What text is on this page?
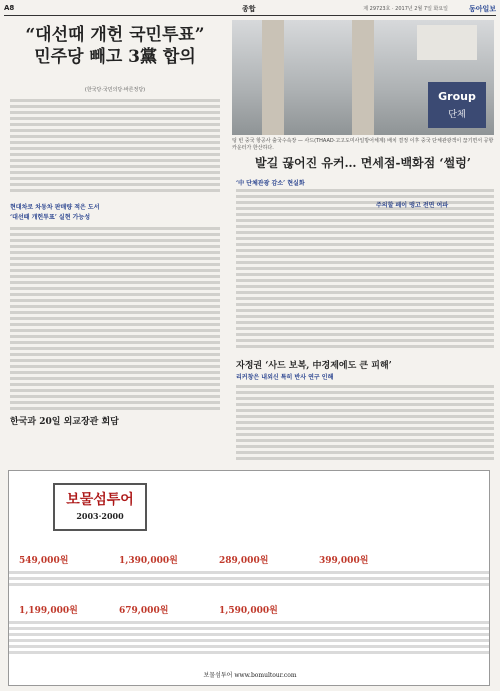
A8	종합	제 29723호 · 2017년 2월 7일 화요일	동아일보
“대선때 개헌 국민투표”
민주당 빼고 3黨 합의
(한국당·국민의당·바른정당)
현대차로 차동차 판매량 적은 도서
‘대선때 개헌투표’ 실현 가능성
한국과 20일 외교장관 회담
Group
단체
텅 빈 중국 항공사 출국수속장 — 사드(THAAD·고고도미사일방어체계) 배치 결정 이후 중국 단체관광객이 끊기면서 공항 카운터가 한산하다.
발길 끊어진 유커… 면세점-백화점 ‘썰렁’
‘中 단체관광 감소’ 현실화
주의할 페이 맹고 전면 여파
자정권 ‘사드 보복, 中경제에도 큰 피해’
리커창은 내외신 특히 반사 연구 인해
보물섬투어
2003·2000
549,000원	1,390,000원	289,000원	399,000원
1,199,000원	679,000원	1,590,000원
보물섬투어 www.bomultour.com
